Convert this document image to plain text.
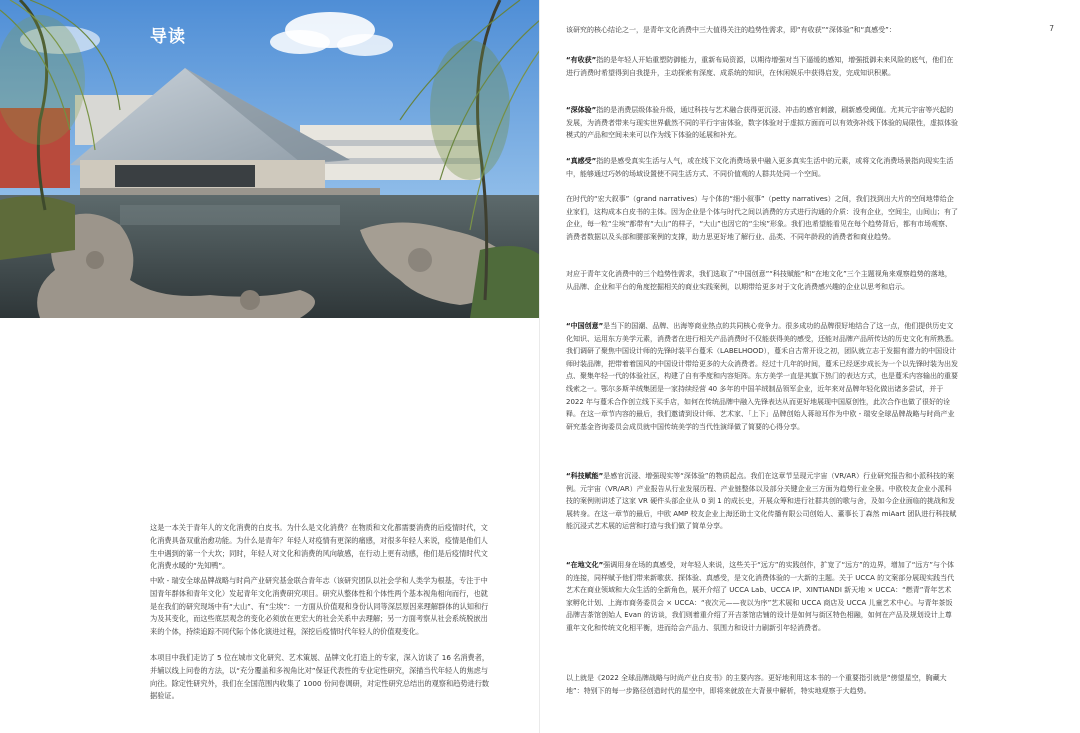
导读

这是一本关于青年人的文化消费的白皮书。为什么是文化消费？在物质和文化都需要消费的后疫情时代，文化消费具备双重治愈功能。为什么是青年？年轻人对疫情有更深的痛感，对很多年轻人来说，疫情是他们人生中遇到的第一个大坎；同时，年轻人对文化和消费的风向敏感，在行动上更有动感，他们是后疫情时代文化消费水暖的“先知鸭”。

中欧 - 瑞安全球品牌战略与时尚产业研究基金联合青年志（该研究团队以社会学和人类学为根基，专注于中国青年群体和青年文化）发起青年文化消费研究项目。研究从整体性和个体性两个基本视角相向而行，也就是在我们的研究现场中有“大山”、有“尘埃”：一方面从价值观和身份认同等深层原因来理解群体的认知和行为及其变化，而这些底层观念的变化必须放在更宏大的社会关系中去理解；另一方面考察从社会系统脱嵌出来的个体，持续追踪不同代际个体化演进过程，深挖后疫情时代年轻人的价值观变化。

本项目中我们走访了 5 位在城市文化研究、艺术策展、品牌文化打造上的专家，深入访谈了 16 名消费者，并辅以线上问卷的方法，以“充分覆盖和多视角比对”保证代表性的专业定性研究，深描当代年轻人的焦虑与向往。除定性研究外，我们在全国范围内收集了 1000 份问卷调研，对定性研究总结出的观察和趋势进行数据验证。

7

该研究的核心结论之一，是青年文化消费中三大值得关注的趋势性需求，即“有收获”“深体验”和“真感受”：

“有收获”指的是年轻人开始重塑防御能力，重新布局资源，以期待增强对当下逼缓的感知，增强抵御未来风险的底气，他们在进行消费时希望得到自我提升，主动探索有深度、成系统的知识，在休闲娱乐中获得启发，完成知识积累。

“深体验”指的是消费层级体验升级，通过科技与艺术融合获得更沉浸、冲击的感官刺激，刷新感受阈值。尤其元宇宙等兴起的发展，为消费者带来与现实世界截然不同的平行宇宙体验，数字体验对于虚拟方面而可以有效弥补线下体验的局限性，虚拟体验模式的产品和空间未来可以作为线下体验的延展和补充。

“真感受”指的是感受真实生活与人气，或在线下文化消费场景中融入更多真实生活中的元素，或将文化消费场景指向现实生活中，能够通过巧妙的场域设置使不同生活方式、不同价值观的人群共处同一个空间。

在时代的“宏大叙事”（grand narratives）与个体的“细小叙事”（petty narratives）之间，我们找到出大片的空间地带给企业家们，这构成本白皮书的主体。因为企业是个体与时代之间以消费的方式进行沟通的介质：没有企业，空间尘，山间山；有了企业，每一粒“尘埃”都带有“大山”的样子，“大山”也因它的“尘埃”形象。我们也希望能看见在每个趋势背后，都有市场观察、消费者数据以及头部和腰部案例的支撑，助力思更好地了解行业、品类、不同年龄段的消费者和商业趋势。

对应于青年文化消费中的三个趋势性需求，我们选取了“中国创意”“科技赋能”和“在地文化”三个主题视角来观察趋势的落地，从品牌、企业和平台的角度挖掘相关的商业实践案例，以期带给更多对于文化消费感兴趣的企业以思考和启示。

“中国创意”是当下的国潮、品牌、出海等商业热点的共同核心竞争力。很多成功的品牌很好地结合了这一点，他们提供历史文化知识、运用东方美学元素，消费者在进行相关产品消费时不仅能获得美的感受，还能对品牌产品所传达的历史文化有所熟悉。我们调研了聚焦中国设计师的先锋时装平台蔓禾（LABELHOOD），蔓禾自古常开设之初，团队就立志于发掘有潜力的中国设计师时装品牌，把带着着国风的中国设计带给更多的大众消费者。经过十几年的时间，蔓禾已经逐步成长为一个以先锋时装为出发点、聚集年轻一代的体验社区，构建了自有季度和内容矩阵。东方美学一直是其旗下热门的表达方式，也是蔓禾内容输出的重要线索之一。鄂尔多斯羊绒集团是一家持续经营 40 多年的中国羊绒制品领军企业，近年来对品牌年轻化做出诸多尝试，并于 2022 年与蔓禾合作创立线下买手店，如何在传统品牌中融入先锋表达从而更好地展现中国原创性，此次合作也做了很好的诠释。在这一章节内容的最后，我们邀请到设计师、艺术家、「上下」品牌创始人蒋琼耳作为中欧 - 瑞安全球品牌战略与时尚产业研究基金咨询委员会成员就中国传统美学的当代性演绎做了简要的心得分享。

“科技赋能”是感官沉浸、增强现实等“深体验”的物质起点。我们在这章节呈现元宇宙（VR/AR）行业研究报告和小派科技的案例。元宇宙（VR/AR）产业报告从行业发展历程、产业链整体以及部分关键企业三方面为趋势行业全景。中欧校友企业小派科技的案例则讲述了这家 VR 硬件头部企业从 0 到 1 的成长史，开展众筹和进行社群共创的歌与舍，及如今企业面临的挑战和发展转身。在这一章节的最后，中欧 AMP 校友企业上海还助士文化传播有限公司创始人、董事长丁森然 miAart 团队进行科技赋能沉浸式艺术展的运营和打造与我们做了简单分享。

“在地文化”强调用身在场的真感受，对年轻人来说，这些关于“远方”的实践创作，扩宽了“远方”的边界，增加了“远方”与个体的连接，同样赋予他们带来新歌获、探体验、真感受，是文化消费体验的一大新的主题。关于 UCCA 的文案部分展现实践当代艺术在商业领域和大众生活的全新角色，展开介绍了 UCCA Lab、UCCA IP、XINTIANDI 新天地 × UCCA：“燃青”青年艺术家孵化计划、上海市商务委员会 × UCCA：“夜次元——夜以为序”艺术展和 UCCA 商店及 UCCA 儿童艺术中心。与青年茶饭品牌吉茶馆创始人 Evan 的访谈，我们则着重介绍了开吉茶馆店铺的设计是如何与街区特色相融，如何在产品及规划设计上尊重年文化和传统文化相平衡，进而给会产品力、氛围力和设计力刷新引年轻消费者。

以上就是《2022 全球品牌战略与时尚产业白皮书》的主要内容。更好地利用这本书的一个重要指引就是“傍望星空，胸藏大地”：特别下的每一步路径创造时代的星空中，即将来就放在大背景中解析，特实地观察于大趋势。
